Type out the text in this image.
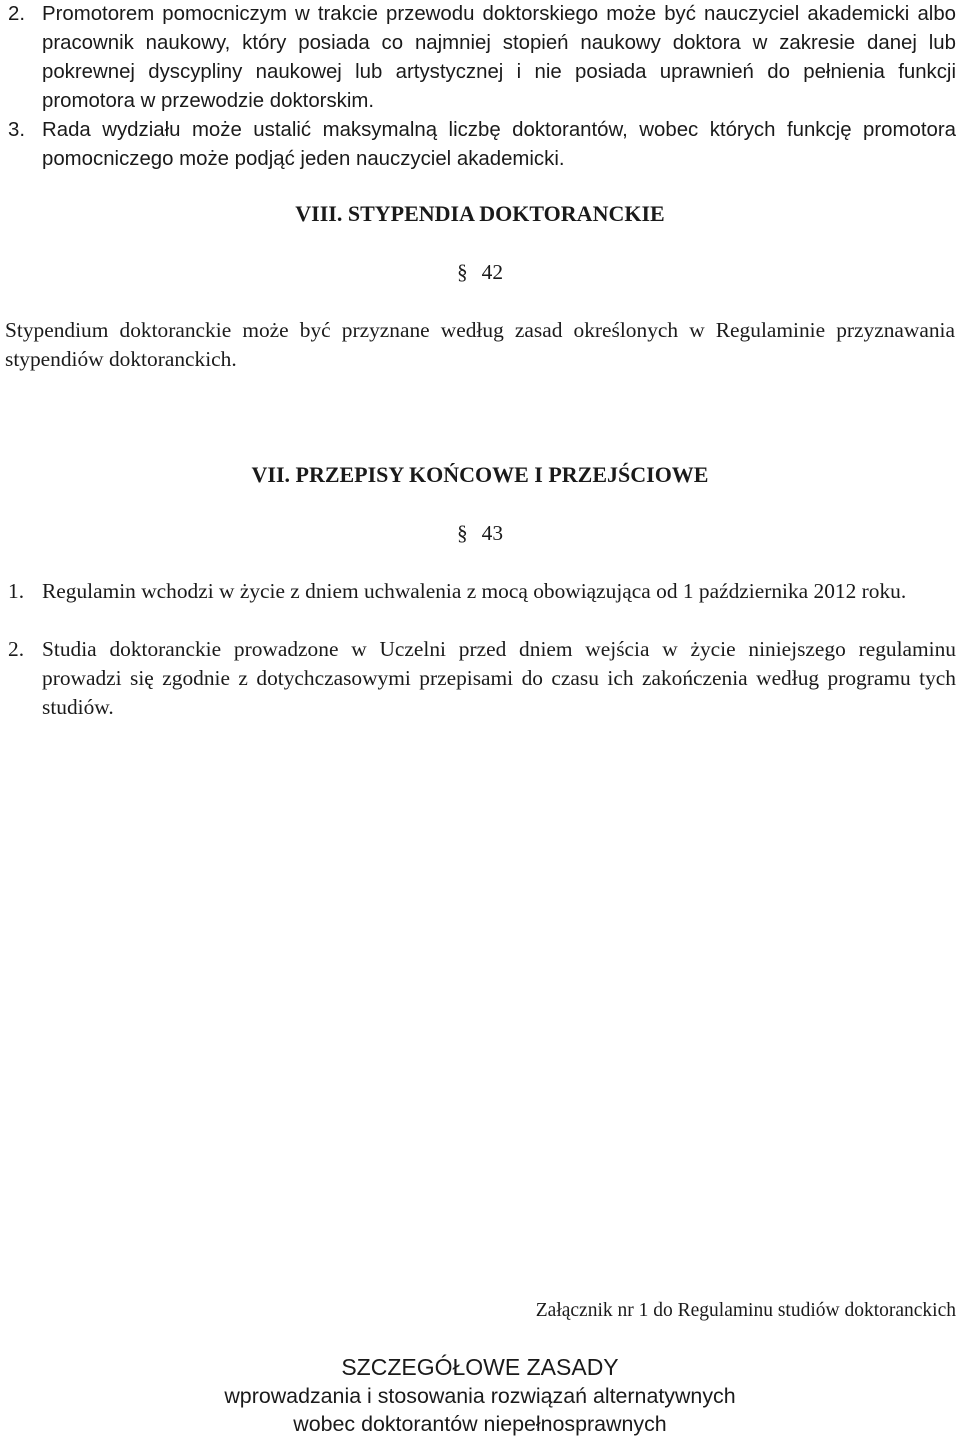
2. Promotorem pomocniczym w trakcie przewodu doktorskiego może być nauczyciel akademicki albo pracownik naukowy, który posiada co najmniej stopień naukowy doktora w zakresie danej lub pokrewnej dyscypliny naukowej lub artystycznej i nie posiada uprawnień do pełnienia funkcji promotora w przewodzie doktorskim.
3. Rada wydziału może ustalić maksymalną liczbę doktorantów, wobec których funkcję promotora pomocniczego może podjąć jeden nauczyciel akademicki.
VIII. STYPENDIA DOKTORANCKIE
§ 42
Stypendium doktoranckie może być przyznane według zasad określonych w Regulaminie przyznawania stypendiów doktoranckich.
VII. PRZEPISY KOŃCOWE I PRZEJŚCIOWE
§ 43
1. Regulamin wchodzi w życie z dniem uchwalenia z mocą obowiązująca od 1 października 2012 roku.
2. Studia doktoranckie prowadzone w Uczelni przed dniem wejścia w życie niniejszego regulaminu prowadzi się zgodnie z dotychczasowymi przepisami do czasu ich zakończenia według programu tych studiów.
Załącznik nr 1 do Regulaminu studiów doktoranckich
SZCZEGÓŁOWE ZASADY
wprowadzania i stosowania rozwiązań alternatywnych
wobec doktorantów niepełnosprawnych
